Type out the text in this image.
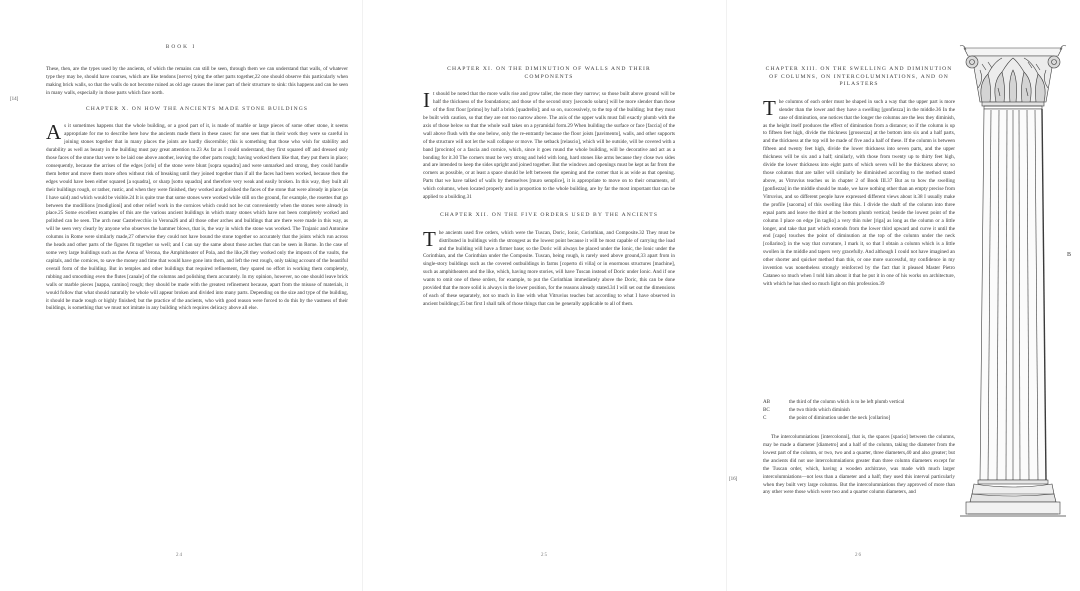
BOOK I
[14]

These, then, are the types used by the ancients, of which the remains can still be seen, through them we can understand that walls, of whatever type they may be, should have courses, which are like tendons [nervo] tying the other parts together,22 one should observe this particularly when making brick walls, so that the walls do not become ruined as old age causes the inner part of their structure to sink: this happens and can be seen in many walls, especially in those parts which face north.

CHAPTER X. ON HOW THE ANCIENTS MADE STONE BUILDINGS

As it sometimes happens that the whole building, or a good part of it, is made of marble or large pieces of some other stone, it seems appropriate for me to describe here how the ancients made them in these cases: for one sees that in their work they were so careful in joining stones together that in many places the joints are hardly discernible; this is something that those who wish for stability and durability as well as beauty in the building must pay great attention to.23 As far as I could understand, they first squared off and dressed only those faces of the stone that were to be laid one above another, leaving the other parts rough; having worked them like that, they put them in place; consequently, because the arrises of the edges [orlo] of the stone were blunt [sopra squadra] and were unmarked and strong, they could handle them better and move them more often without risk of breaking until they joined together than if all the faces had been worked, because then the edges would have been either squared [a squadra], or sharp [sotto squadra] and therefore very weak and easily broken. In this way, they built all their buildings rough, or rather, rustic, and when they were finished, they worked and polished the faces of the stone that were already in place (as I have said) and which would be visible.24 It is quite true that some stones were worked while still on the ground, for example, the rosettes that go between the modillions [modiglioni] and other relief work in the cornices which could not be cut conveniently when the stones were already in place.25 Some excellent examples of this are the various ancient buildings in which many stones which have not been completely worked and polished can be seen. The arch near Castelvecchio in Verona26 and all those other arches and buildings that are there were made in this way, as will be seen very clearly by anyone who observes the hammer blows, that is, the way in which the stone was worked. The Trajanic and Antonine columns in Rome were similarly made,27 otherwise they could not have bound the stone together so accurately that the joints which run across the heads and other parts of the figures fit together so well; and I can say the same about those arches that can be seen in Rome. In the case of some very large buildings such as the Arena of Verona, the Amphitheater of Pola, and the like,28 they worked only the imposts of the vaults, the capitals, and the cornices, to save the money and time that would have gone into them, and left the rest rough, only taking account of the beautiful overall form of the building. But in temples and other buildings that required refinement, they spared no effort in working them completely, rubbing and smoothing even the flutes [canale] of the columns and polishing them accurately. In my opinion, however, no one should leave brick walls or marble pieces [nappa, camino] rough; they should be made with the greatest refinement because, apart from the misuse of materials, it would follow that what should naturally be whole will appear broken and divided into many parts. Depending on the size and type of the building, it should be made rough or highly finished; but the practice of the ancients, who with good reason were forced to do this by the vastness of their buildings, is something that we must not imitate in any building which requires delicacy above all else.

24

CHAPTER XI. ON THE DIMINUTION OF WALLS AND THEIR COMPONENTS

It should be noted that the more walls rise and grow taller, the more they narrow; so those built above ground will be half the thickness of the foundations; and those of the second story [secondo solaro] will be more slender than those of the first floor [primo] by half a brick [quadrello]; and so on, successively, to the top of the building; but they must be built with caution, so that they are not too narrow above. The axis of the upper walls must fall exactly plumb with the axis of those below so that the whole wall takes on a pyramidal form.29 When building the surface or face [faccia] of the wall above flush with the one below, only the re-entrantly because the floor joists [pavimento], walls, and other supports of the structure will not let the wall collapse or move. The setback [relascio], which will be outside, will be covered with a band [procinto] or a fascia and cornice, which, since it goes round the whole building, will be decorative and act as a bonding for it.30 The corners must be very strong and held with long, hard stones like arms because they close two sides and are intended to keep the sides upright and joined together. But the windows and openings must be kept as far from the corners as possible, or at least a space should be left between the opening and the corner that is as wide as that opening. Parts that we have talked of walls by themselves [muro semplice], it is appropriate to move on to their ornaments, of which columns, when located properly and in proportion to the whole building, are by far the most important that can be applied to a building.31

CHAPTER XII. ON THE FIVE ORDERS USED BY THE ANCIENTS

The ancients used five orders, which were the Tuscan, Doric, Ionic, Corinthian, and Composite.32 They must be distributed in buildings with the strongest as the lowest point because it will be most capable of carrying the load and the building will have a firmer base; so the Doric will always be placed under the Ionic, the Ionic under the Corinthian, and the Corinthian under the Composite. Tuscan, being rough, is rarely used above ground,33 apart from in single-story buildings such as the covered outbuildings in farms [coperto di villa] or in enormous structures [machine], such as amphitheaters and the like, which, having more stories, will have Tuscan instead of Doric under Ionic. And if one wants to omit one of these orders, for example, to put the Corinthian immediately above the Doric, this can be done provided that the more solid is always in the lower position, for the reasons already stated.34 I will set out the dimensions of each of these separately, not so much in line with what Vitruvius teaches but according to what I have observed in ancient buildings;35 but first I shall talk of those things that can be generally applicable to all of them.

25
[16]

CHAPTER XIII. ON THE SWELLING AND DIMINUTION OF COLUMNS, ON INTERCOLUMNIATIONS, AND ON PILASTERS

The columns of each order must be shaped in such a way that the upper part is more slender than the lower and they have a swelling [gonfiezza] in the middle.36 In the case of diminution, one notices that the longer the columns are the less they diminish, as the height itself produces the effect of diminution from a distance; so if the column is up to fifteen feet high, divide the thickness [grossezza] at the bottom into six and a half parts, and the thickness at the top will be made of five and a half of these. If the column is between fifteen and twenty feet high, divide the lower thickness into seven parts, and the upper thickness will be six and a half; similarly, with those from twenty up to thirty feet high, divide the lower thickness into eight parts of which seven will be the thickness above; so those columns that are taller will similarly be diminished according to the method stated above, as Vitruvius teaches us in chapter 2 of Book III.37 But as to how the swelling [gonfiezza] in the middle should be made, we have nothing other than an empty precise from Vitruvius, and so different people have expressed different views about it.38 I usually make the profile [sacoma] of this swelling like this. I divide the shaft of the column into three equal parts and leave the third at the bottom plumb vertical; beside the lowest point of the column I place on edge [in taglio] a very thin ruler [riga] as long as the column or a little longer, and take that part which extends from the lower third upward and curve it until the end [capo] touches the point of diminution at the top of the column under the neck [collarino]; in the way that curvature, I mark it, so that I obtain a column which is a little swollen in the middle and tapers very gracefully. And although I could not have imagined an other shorter and quicker method than this, or one more successful, my confidence in my invention was nonetheless strongly reinforced by the fact that it pleased Master Pietro Cataneo so much when I told him about it that he put it in one of his works on architecture, with which he has shed so much light on this profession.39

AB	the third of the column which is to be left plumb vertical
BC	the two thirds which diminish
C	the point of diminution under the neck [collarino]

The intercolumniations [intercolonni], that is, the spaces [spacio] between the columns, may be made a diameter [diametro] and a half of the column, taking the diameter from the lowest part of the column, or two, two and a quarter, three diameters,40 and also greater; but the ancients did not use intercolumniations greater than three column diameters except for the Tuscan order, which, having a wooden architrave, was made with much larger intercolumniations—not less than a diameter and a half; they used this interval particularly when they built very large columns. But the intercolumniations they approved of more than any other were those which were two and a quarter column diameters, and

26
B
